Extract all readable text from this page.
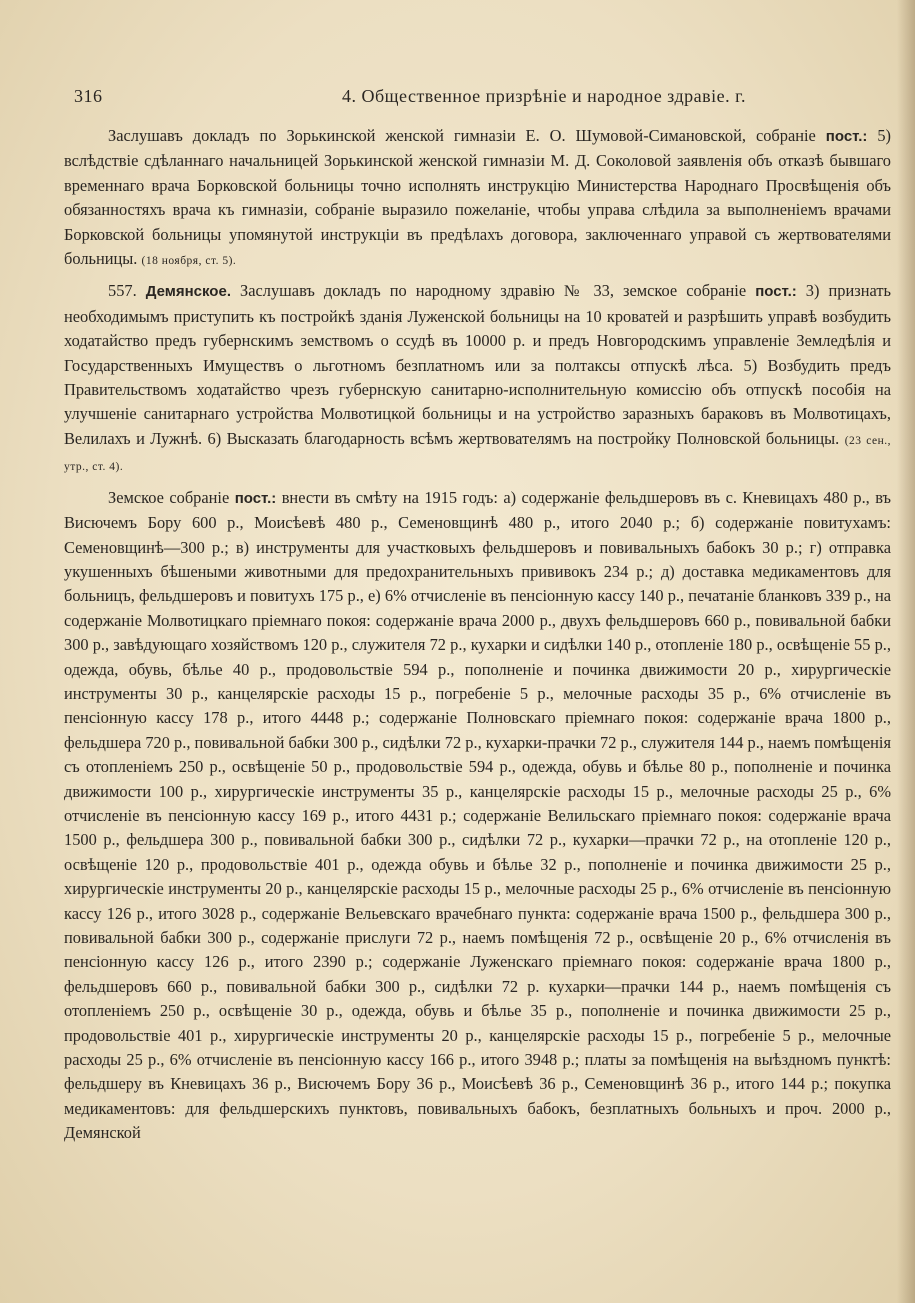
316	4. Общественное призрѣніе и народное здравіе. г.

Заслушавъ докладъ по Зорькинской женской гимназіи Е. О. Шумовой-Симановской, собраніе пост.: 5) вслѣдствіе сдѣланнаго начальницей Зорькинской женской гимназіи М. Д. Соколовой заявленія объ отказѣ бывшаго временнаго врача Борковской больницы точно исполнять инструкцію Министерства Народнаго Просвѣщенія объ обязанностяхъ врача къ гимназіи, собраніе выразило пожеланіе, чтобы управа слѣдила за выполненіемъ врачами Борковской больницы упомянутой инструкціи въ предѣлахъ договора, заключеннаго управой съ жертвователями больницы. (18 ноября, ст. 5).

557. Демянское. Заслушавъ докладъ по народному здравію № 33, земское собраніе пост.: 3) признать необходимымъ приступить къ постройкѣ зданія Луженской больницы на 10 кроватей и разрѣшить управѣ возбудить ходатайство предъ губернскимъ земствомъ о ссудѣ въ 10000 р. и предъ Новгородскимъ управленіе Земледѣлія и Государственныхъ Имуществъ о льготномъ безплатномъ или за полтаксы отпускѣ лѣса. 5) Возбудить предъ Правительствомъ ходатайство чрезъ губернскую санитарно-исполнительную комиссію объ отпускѣ пособія на улучшеніе санитарнаго устройства Молвотицкой больницы и на устройство заразныхъ бараковъ въ Молвотицахъ, Велилахъ и Лужнѣ. 6) Высказать благодарность всѣмъ жертвователямъ на постройку Полновской больницы. (23 сен., утр., ст. 4).

Земское собраніе пост.: внести въ смѣту на 1915 годъ: а) содержаніе фельдшеровъ въ с. Кневицахъ 480 р., въ Висючемъ Бору 600 р., Моисѣевѣ 480 р., Семеновщинѣ 480 р., итого 2040 р.; б) содержаніе повитухамъ: Семеновщинѣ—300 р.; в) инструменты для участковыхъ фельдшеровъ и повивальныхъ бабокъ 30 р.; г) отправка укушенныхъ бѣшеными животными для предохранительныхъ прививокъ 234 р.; д) доставка медикаментовъ для больницъ, фельдшеровъ и повитухъ 175 р., е) 6% отчисленіе въ пенсіонную кассу 140 р., печатаніе бланковъ 339 р., на содержаніе Молвотицкаго пріемнаго покоя: содержаніе врача 2000 р., двухъ фельдшеровъ 660 р., повивальной бабки 300 р., завѣдующаго хозяйствомъ 120 р., служителя 72 р., кухарки и сидѣлки 140 р., отопленіе 180 р., освѣщеніе 55 р., одежда, обувь, бѣлье 40 р., продовольствіе 594 р., пополненіе и починка движимости 20 р., хирургическіе инструменты 30 р., канцелярскіе расходы 15 р., погребеніе 5 р., мелочные расходы 35 р., 6% отчисленіе въ пенсіонную кассу 178 р., итого 4448 р.; содержаніе Полновскаго пріемнаго покоя: содержаніе врача 1800 р., фельдшера 720 р., повивальной бабки 300 р., сидѣлки 72 р., кухарки-прачки 72 р., служителя 144 р., наемъ помѣщенія съ отопленіемъ 250 р., освѣщеніе 50 р., продовольствіе 594 р., одежда, обувь и бѣлье 80 р., пополненіе и починка движимости 100 р., хирургическіе инструменты 35 р., канцелярскіе расходы 15 р., мелочные расходы 25 р., 6% отчисленіе въ пенсіонную кассу 169 р., итого 4431 р.; содержаніе Велильскаго пріемнаго покоя: содержаніе врача 1500 р., фельдшера 300 р., повивальной бабки 300 р., сидѣлки 72 р., кухарки—прачки 72 р., на отопленіе 120 р., освѣщеніе 120 р., продовольствіе 401 р., одежда обувь и бѣлье 32 р., пополненіе и починка движимости 25 р., хирургическіе инструменты 20 р., канцелярскіе расходы 15 р., мелочные расходы 25 р., 6% отчисленіе въ пенсіонную кассу 126 р., итого 3028 р., содержаніе Вельевскаго врачебнаго пункта: содержаніе врача 1500 р., фельдшера 300 р., повивальной бабки 300 р., содержаніе прислуги 72 р., наемъ помѣщенія 72 р., освѣщеніе 20 р., 6% отчисленія въ пенсіонную кассу 126 р., итого 2390 р.; содержаніе Луженскаго пріемнаго покоя: содержаніе врача 1800 р., фельдшеровъ 660 р., повивальной бабки 300 р., сидѣлки 72 р. кухарки—прачки 144 р., наемъ помѣщенія съ отопленіемъ 250 р., освѣщеніе 30 р., одежда, обувь и бѣлье 35 р., пополненіе и починка движимости 25 р., продовольствіе 401 р., хирургическіе инструменты 20 р., канцелярскіе расходы 15 р., погребеніе 5 р., мелочные расходы 25 р., 6% отчисленіе въ пенсіонную кассу 166 р., итого 3948 р.; платы за помѣщенія на выѣздномъ пунктѣ: фельдшеру въ Кневицахъ 36 р., Висючемъ Бору 36 р., Моисѣевѣ 36 р., Семеновщинѣ 36 р., итого 144 р.; покупка медикаментовъ: для фельдшерскихъ пунктовъ, повивальныхъ бабокъ, безплатныхъ больныхъ и проч. 2000 р., Демянской
